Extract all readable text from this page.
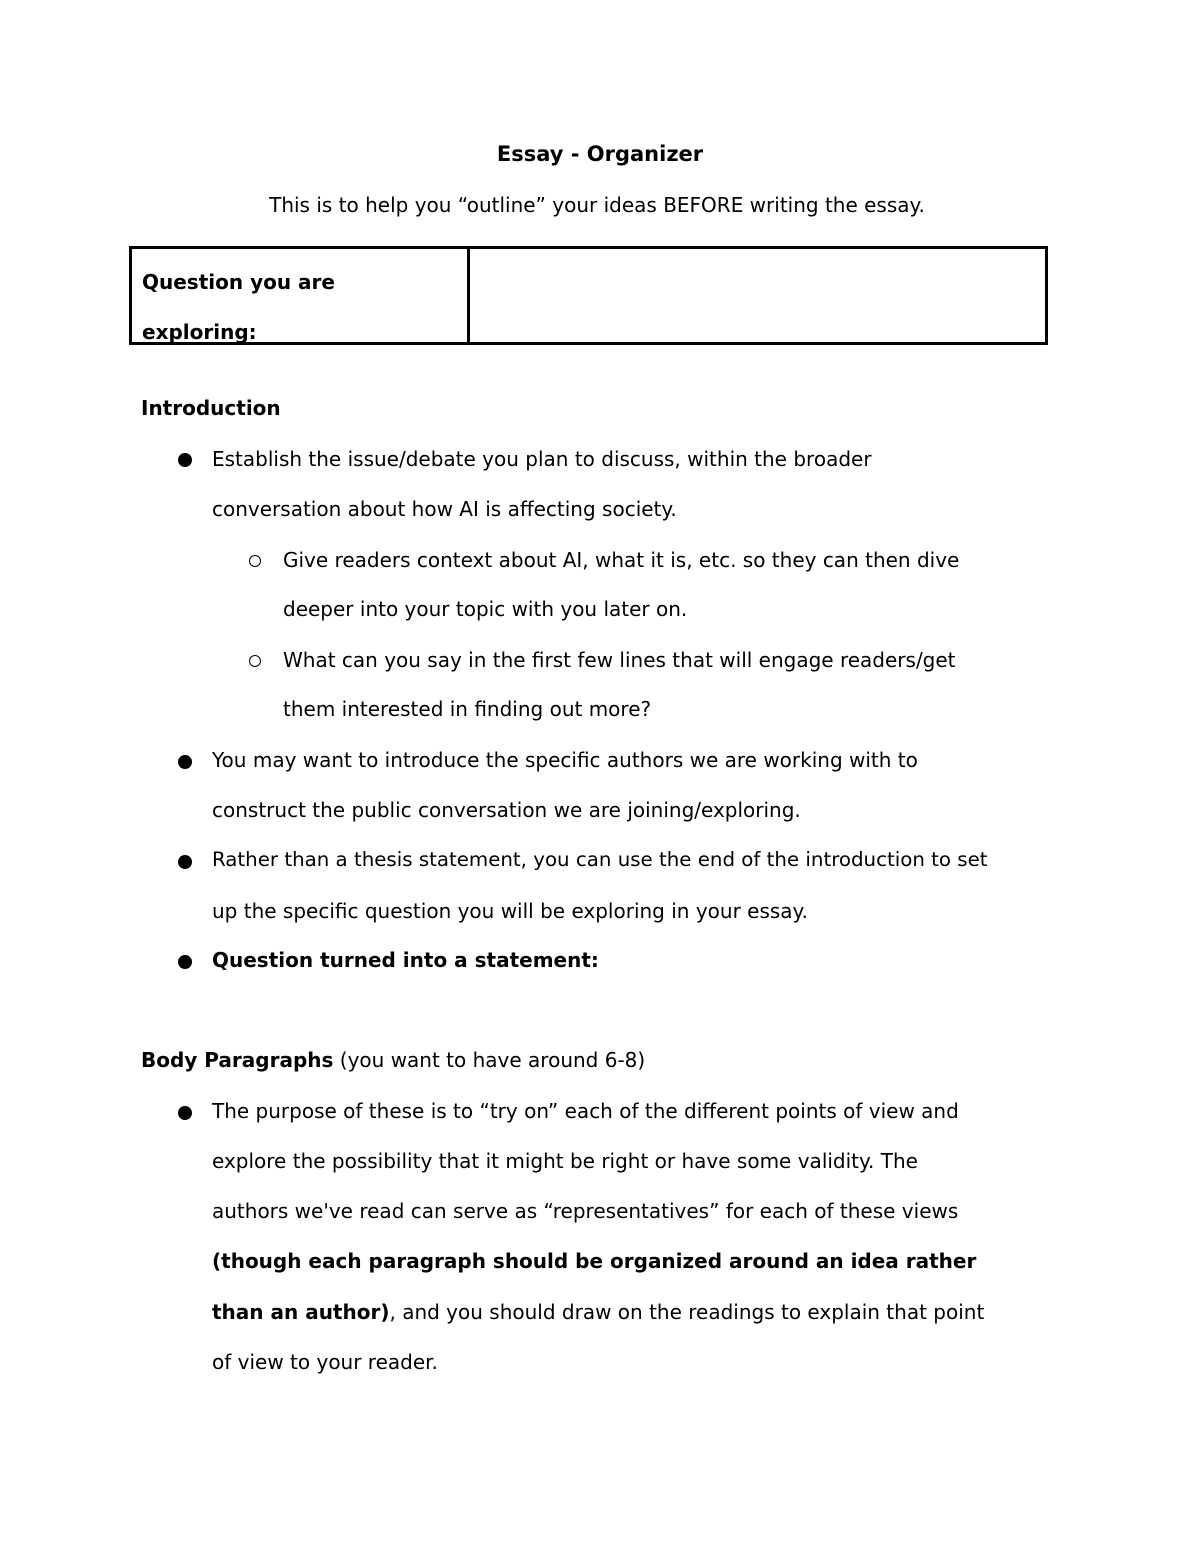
Essay - Organizer
This is to help you “outline” your ideas BEFORE writing the essay.
Question you are
exploring:
Introduction
Establish the issue/debate you plan to discuss, within the broader
conversation about how AI is affecting society.
Give readers context about AI, what it is, etc. so they can then dive
deeper into your topic with you later on.
What can you say in the first few lines that will engage readers/get
them interested in finding out more?
You may want to introduce the specific authors we are working with to
construct the public conversation we are joining/exploring.
Rather than a thesis statement, you can use the end of the introduction to set
up the specific question you will be exploring in your essay.
Question turned into a statement:
Body Paragraphs (you want to have around 6-8)
The purpose of these is to “try on” each of the different points of view and
explore the possibility that it might be right or have some validity. The
authors we've read can serve as “representatives” for each of these views
(though each paragraph should be organized around an idea rather
than an author), and you should draw on the readings to explain that point
of view to your reader.
